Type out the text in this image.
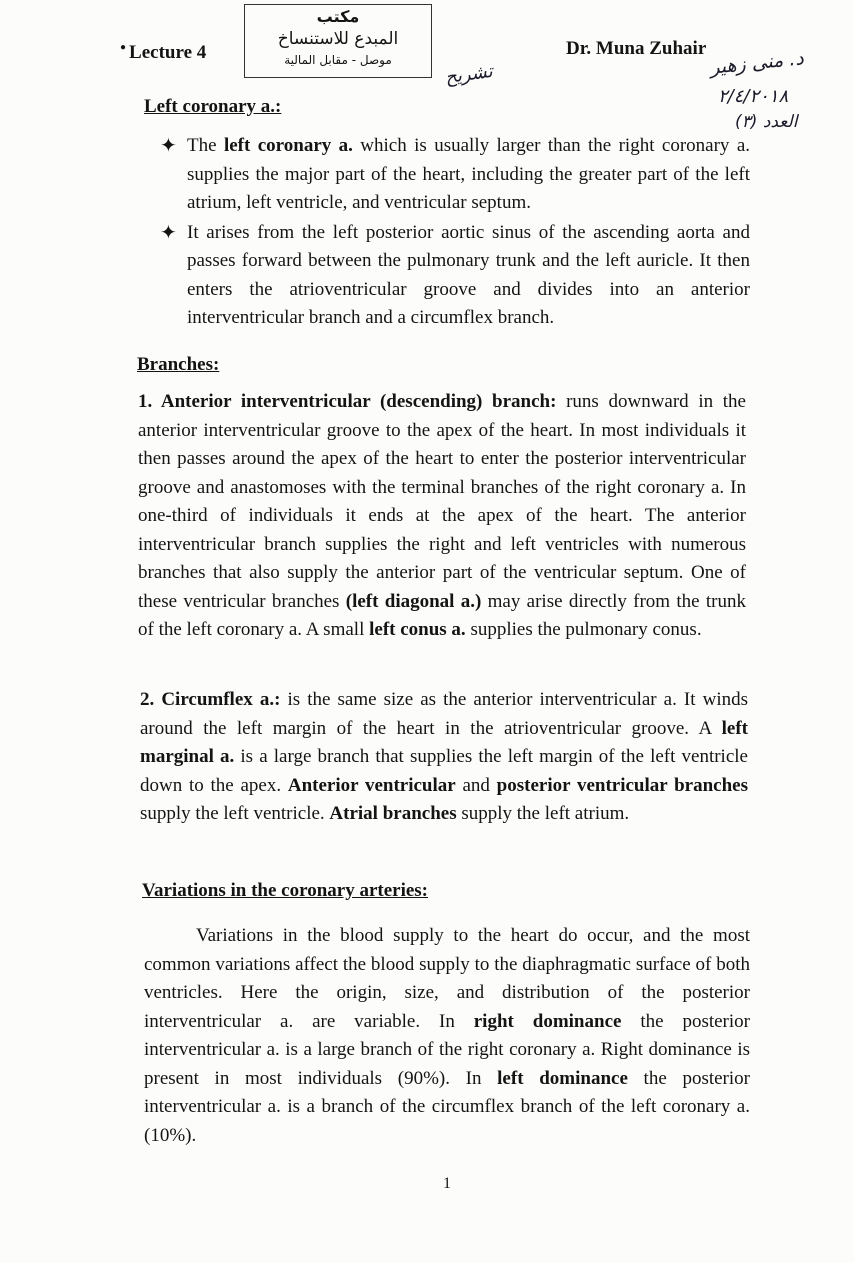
● Lecture 4
مكتب
المبدع للاستنساخ
موصل - مقابل المالية
Dr. Muna Zuhair
تشريح	د. منى زهير
٢/٤/٢٠١٨
العدد (٣)
Left coronary a.:
✦ The left coronary a. which is usually larger than the right coronary a. supplies the major part of the heart, including the greater part of the left atrium, left ventricle, and ventricular septum.
✦ It arises from the left posterior aortic sinus of the ascending aorta and passes forward between the pulmonary trunk and the left auricle. It then enters the atrioventricular groove and divides into an anterior interventricular branch and a circumflex branch.
Branches:

1. Anterior interventricular (descending) branch: runs downward in the anterior interventricular groove to the apex of the heart. In most individuals it then passes around the apex of the heart to enter the posterior interventricular groove and anastomoses with the terminal branches of the right coronary a. In one-third of individuals it ends at the apex of the heart. The anterior interventricular branch supplies the right and left ventricles with numerous branches that also supply the anterior part of the ventricular septum. One of these ventricular branches (left diagonal a.) may arise directly from the trunk of the left coronary a. A small left conus a. supplies the pulmonary conus.

2. Circumflex a.: is the same size as the anterior interventricular a. It winds around the left margin of the heart in the atrioventricular groove. A left marginal a. is a large branch that supplies the left margin of the left ventricle down to the apex. Anterior ventricular and posterior ventricular branches supply the left ventricle. Atrial branches supply the left atrium.

Variations in the coronary arteries:

Variations in the blood supply to the heart do occur, and the most common variations affect the blood supply to the diaphragmatic surface of both ventricles. Here the origin, size, and distribution of the posterior interventricular a. are variable. In right dominance the posterior interventricular a. is a large branch of the right coronary a. Right dominance is present in most individuals (90%). In left dominance the posterior interventricular a. is a branch of the circumflex branch of the left coronary a. (10%).

1
